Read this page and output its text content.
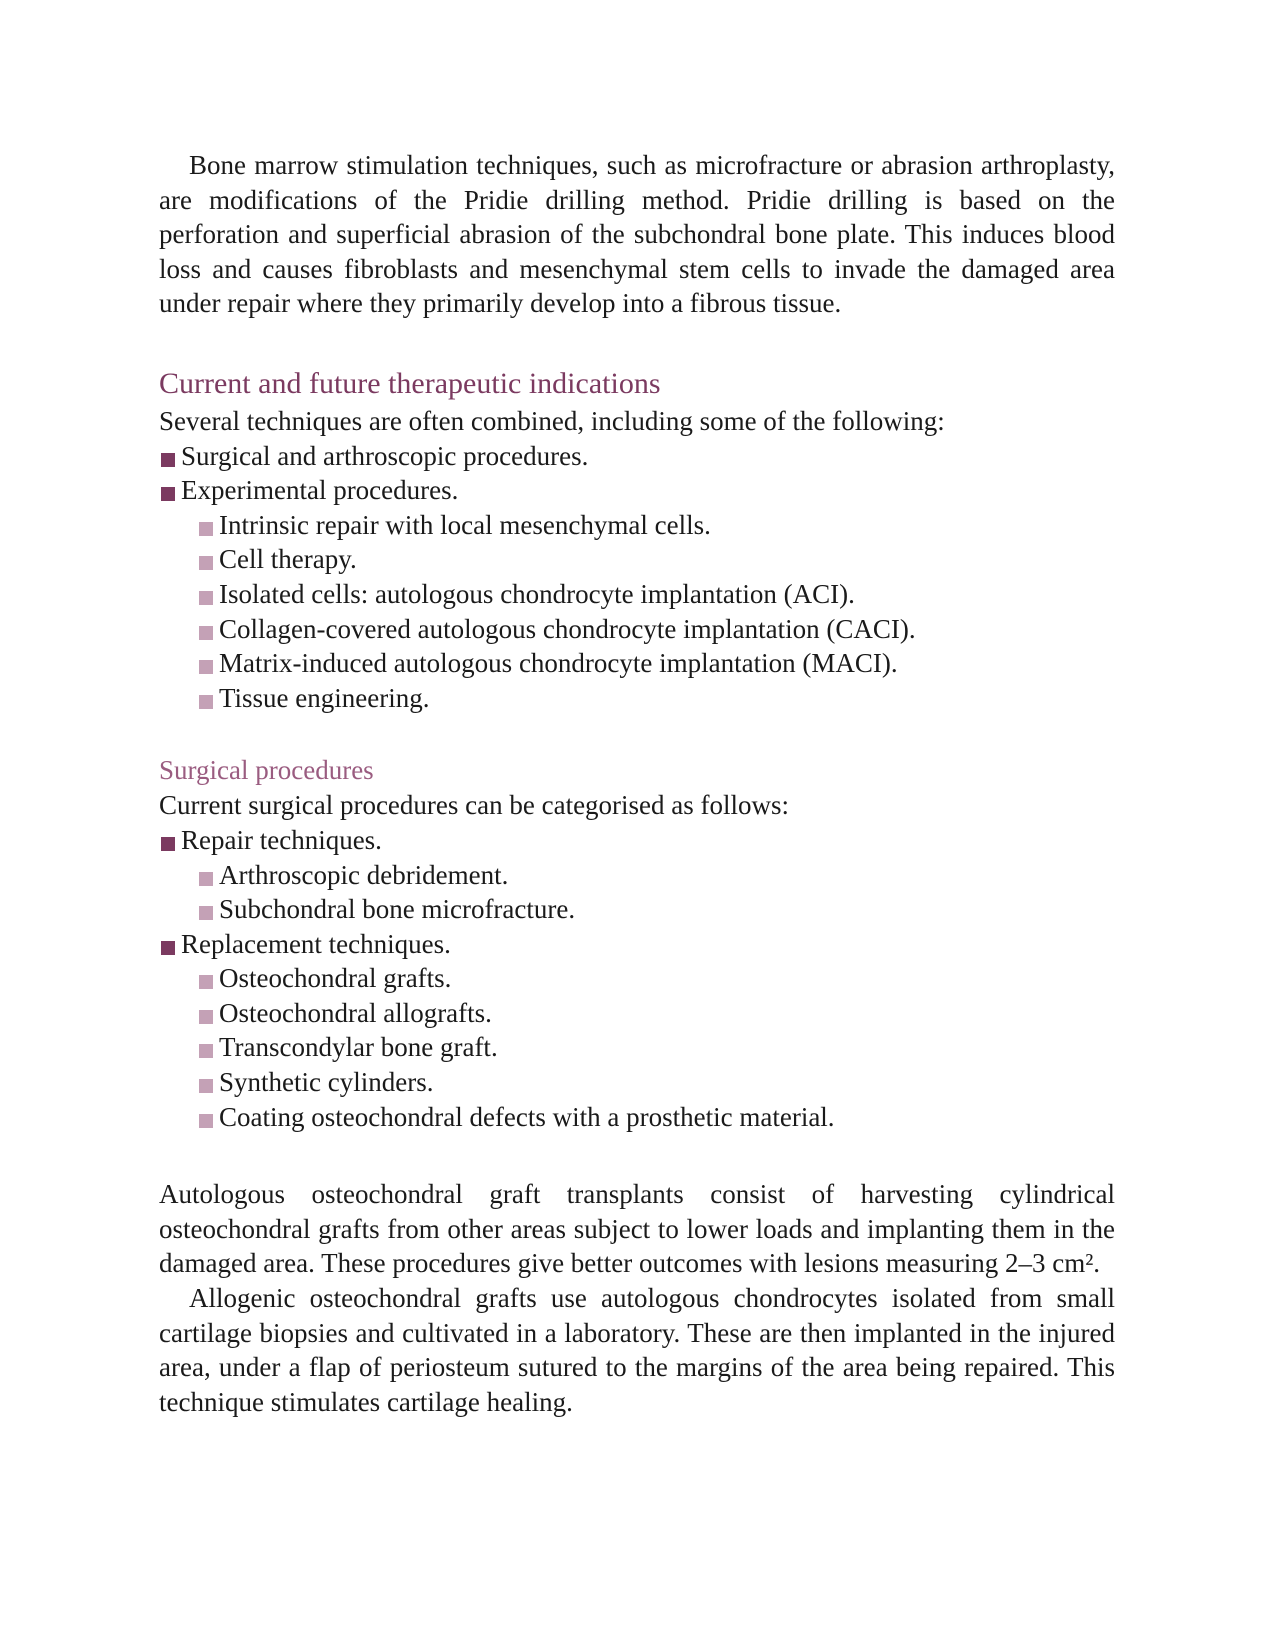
Bone marrow stimulation techniques, such as microfracture or abrasion arthroplasty, are modifications of the Pridie drilling method. Pridie drilling is based on the perforation and superficial abrasion of the subchondral bone plate. This induces blood loss and causes fibroblasts and mesenchymal stem cells to invade the damaged area under repair where they primarily develop into a fibrous tissue.

Current and future therapeutic indications

Several techniques are often combined, including some of the following:

Surgical and arthroscopic procedures.
Experimental procedures.
Intrinsic repair with local mesenchymal cells.
Cell therapy.
Isolated cells: autologous chondrocyte implantation (ACI).
Collagen-covered autologous chondrocyte implantation (CACI).
Matrix-induced autologous chondrocyte implantation (MACI).
Tissue engineering.
Surgical procedures

Current surgical procedures can be categorised as follows:

Repair techniques.
Arthroscopic debridement.
Subchondral bone microfracture.
Replacement techniques.
Osteochondral grafts.
Osteochondral allografts.
Transcondylar bone graft.
Synthetic cylinders.
Coating osteochondral defects with a prosthetic material.

Autologous osteochondral graft transplants consist of harvesting cylindrical osteochondral grafts from other areas subject to lower loads and implanting them in the damaged area. These procedures give better outcomes with lesions measuring 2–3 cm².

Allogenic osteochondral grafts use autologous chondrocytes isolated from small cartilage biopsies and cultivated in a laboratory. These are then implanted in the injured area, under a flap of periosteum sutured to the margins of the area being repaired. This technique stimulates cartilage healing.
